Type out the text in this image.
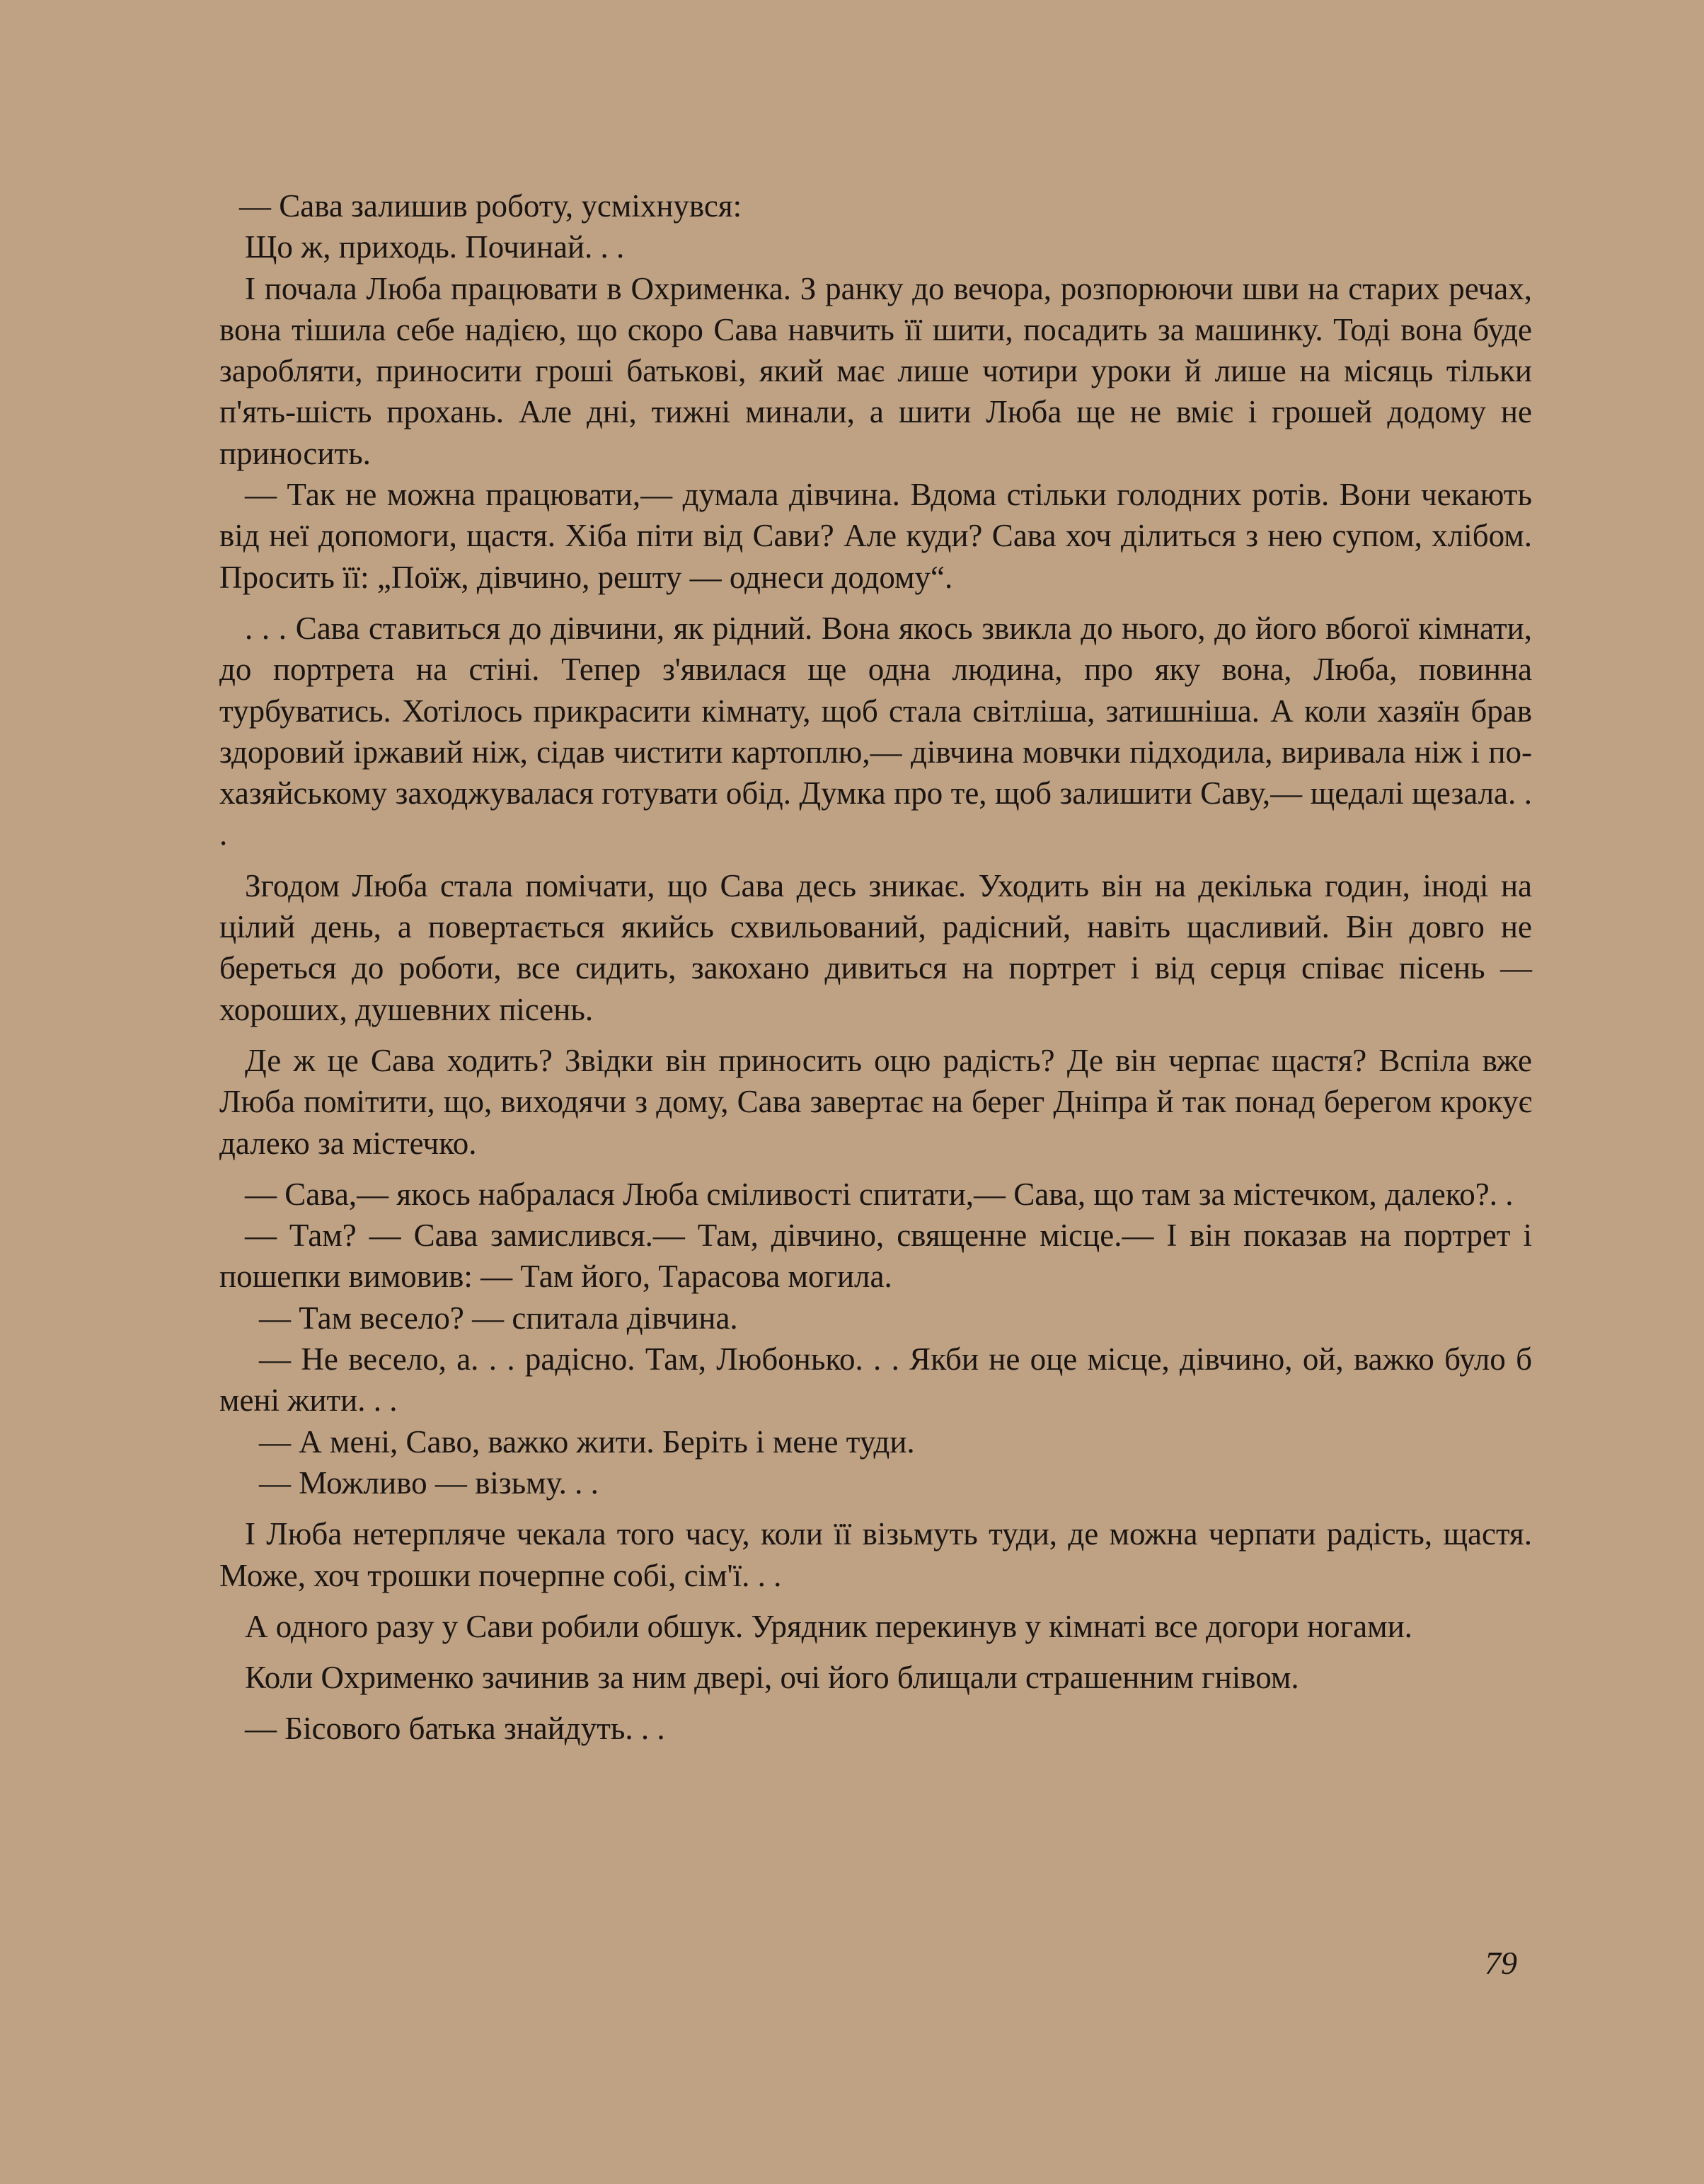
— Сава залишив роботу, усміхнувся:

Що ж, приходь. Починай. . .

І почала Люба працювати в Охрименка. З ранку до вечора, розпорюючи шви на старих речах, вона тішила себе надією, що скоро Сава навчить її шити, посадить за машинку. Тоді вона буде заробляти, приносити гроші батькові, який має лише чотири уроки й лише на місяць тільки п'ять-шість прохань. Але дні, тижні минали, а шити Люба ще не вміє і грошей додому не приносить.

— Так не можна працювати,— думала дівчина. Вдома стільки голодних ротів. Вони чекають від неї допомоги, щастя. Хіба піти від Сави? Але куди? Сава хоч ділиться з нею супом, хлібом. Просить її: „Поїж, дівчино, решту — однеси додому“.

. . . Сава ставиться до дівчини, як рідний. Вона якось звикла до нього, до його вбогої кімнати, до портрета на стіні. Тепер з'явилася ще одна людина, про яку вона, Люба, повинна турбуватись. Хотілось прикрасити кімнату, щоб стала світліша, затишніша. А коли хазяїн брав здоровий іржавий ніж, сідав чистити картоплю,— дівчина мовчки підходила, виривала ніж і по-хазяйському заходжувалася готувати обід. Думка про те, щоб залишити Саву,— щедалі щезала. . .

Згодом Люба стала помічати, що Сава десь зникає. Уходить він на декілька годин, іноді на цілий день, а повертається якийсь схвильований, радісний, навіть щасливий. Він довго не береться до роботи, все сидить, закохано дивиться на портрет і від серця співає пісень — хороших, душевних пісень.

Де ж це Сава ходить? Звідки він приносить оцю радість? Де він черпає щастя? Вспіла вже Люба помітити, що, виходячи з дому, Сава завертає на берег Дніпра й так понад берегом крокує далеко за містечко.

— Сава,— якось набралася Люба сміливості спитати,— Сава, що там за містечком, далеко?. .

— Там? — Сава замислився.— Там, дівчино, священне місце.— І він показав на портрет і пошепки вимовив: — Там його, Тарасова могила.

— Там весело? — спитала дівчина.

— Не весело, а. . . радісно. Там, Любонько. . . Якби не оце місце, дівчино, ой, важко було б мені жити. . .

— А мені, Саво, важко жити. Беріть і мене туди.

— Можливо — візьму. . .

І Люба нетерпляче чекала того часу, коли її візьмуть туди, де можна черпати радість, щастя. Може, хоч трошки почерпне собі, сім'ї. . .

А одного разу у Сави робили обшук. Урядник перекинув у кімнаті все догори ногами.

Коли Охрименко зачинив за ним двері, очі його блищали страшенним гнівом.

— Бісового батька знайдуть. . .

79
